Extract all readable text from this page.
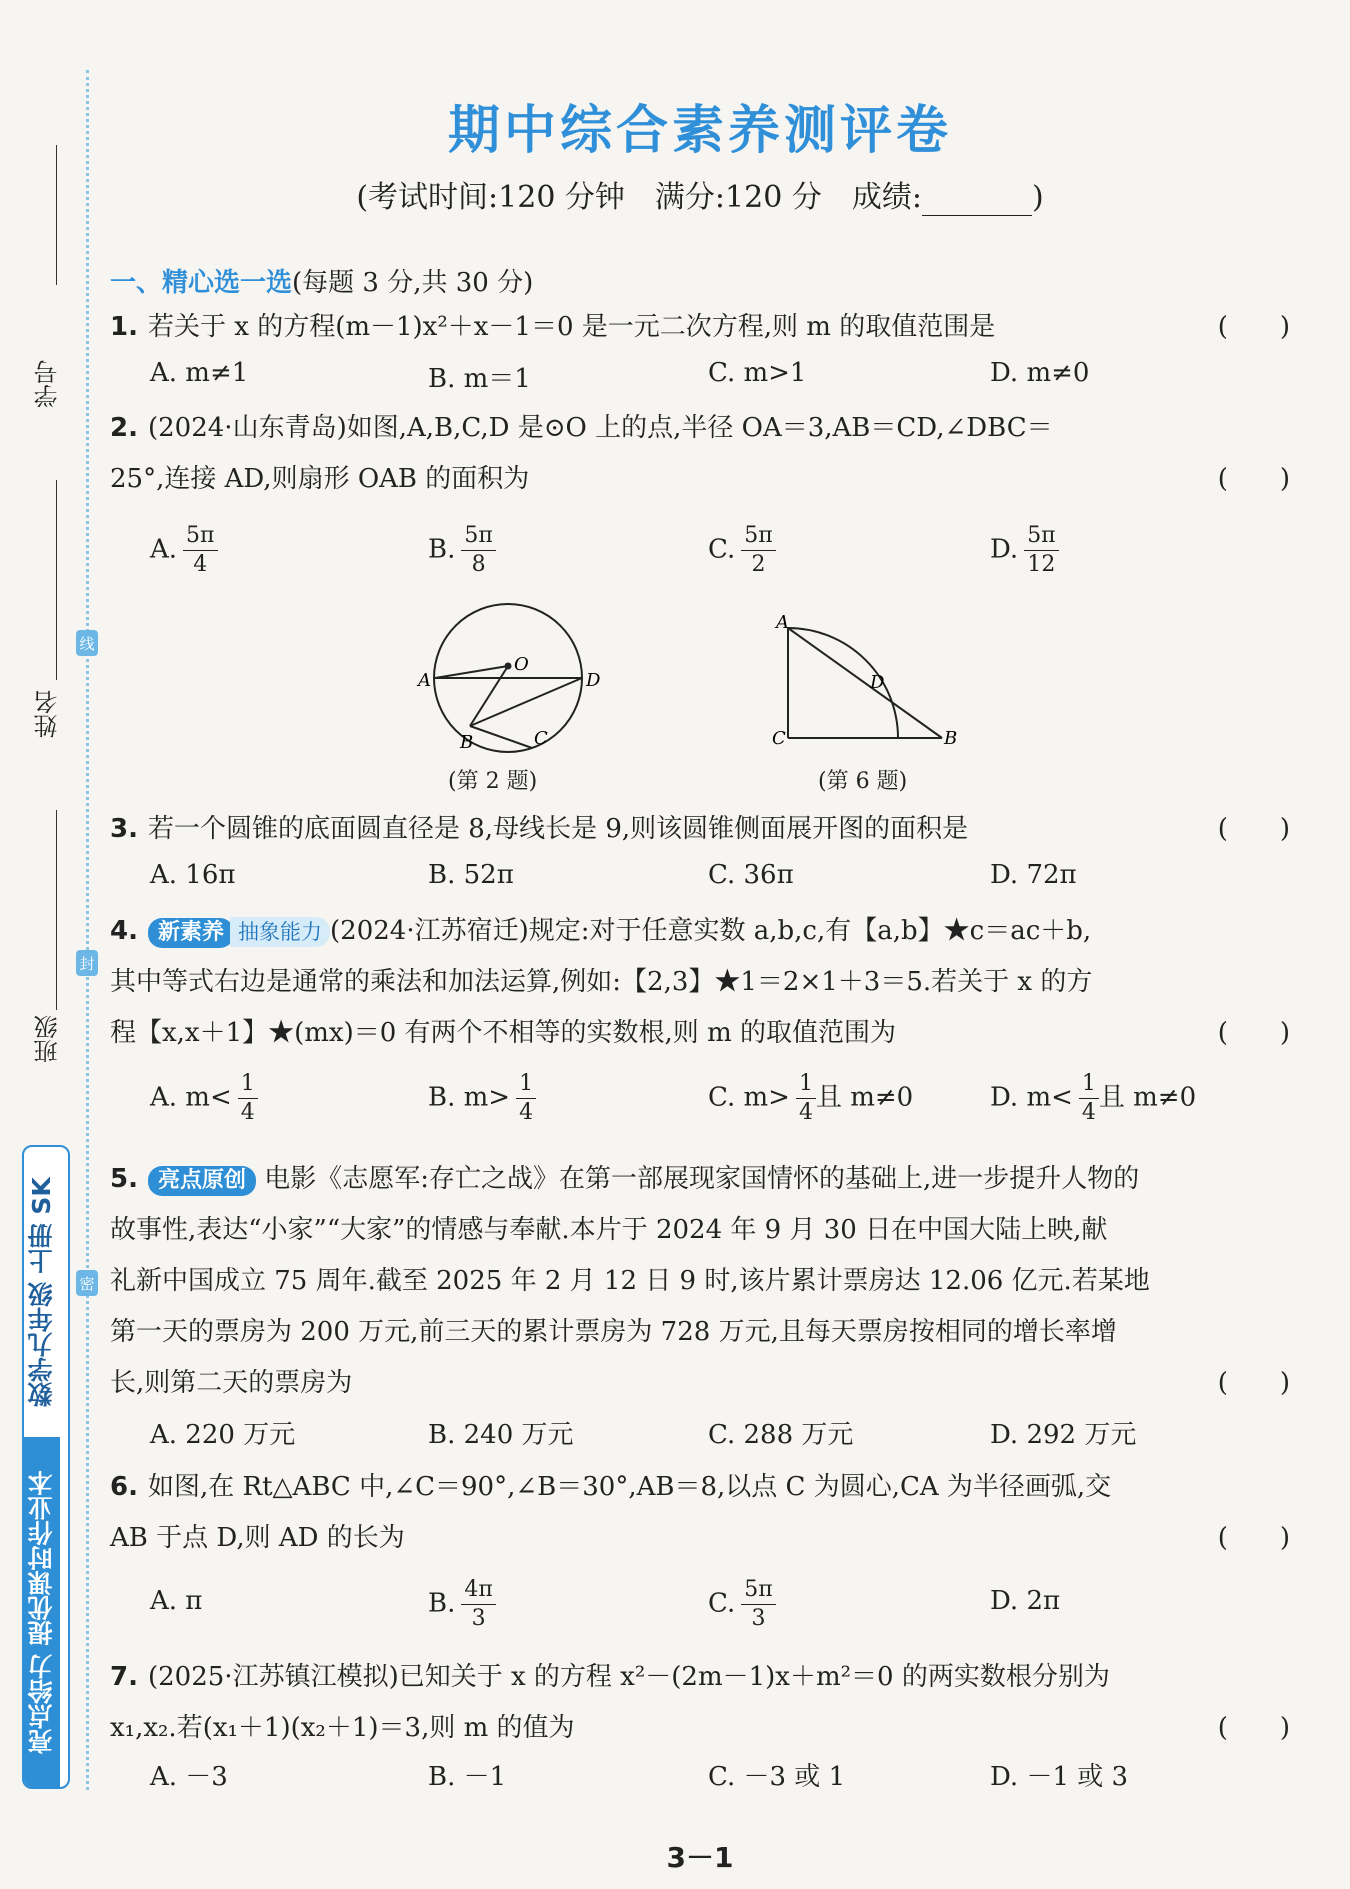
学号
姓名
班级
线
封
密
数学九年级 上册 SK
亮点给力 提优课时作业本
期中综合素养测评卷
(考试时间:120 分钟　满分:120 分　成绩:	)
一、精心选一选(每题 3 分,共 30 分)
1. 若关于 x 的方程(m－1)x²＋x－1＝0 是一元二次方程,则 m 的取值范围是	(　　)
A. m≠1	B. m＝1	C. m>1	D. m≠0
2. (2024·山东青岛)如图,A,B,C,D 是⊙O 上的点,半径 OA＝3,AB＝CD,∠DBC＝
25°,连接 AD,则扇形 OAB 的面积为	(　　)
A. $\frac{5\pi}{4}$	B. $\frac{5\pi}{8}$	C. $\frac{5\pi}{2}$	D. $\frac{5\pi}{12}$
O
A	D
B	C
(第 2 题)
A
D
C	B
(第 6 题)
3. 若一个圆锥的底面圆直径是 8,母线长是 9,则该圆锥侧面展开图的面积是	(　　)
A. 16π	B. 52π	C. 36π	D. 72π
4. 新素养 抽象能力 (2024·江苏宿迁)规定:对于任意实数 a,b,c,有【a,b】★c＝ac＋b,
其中等式右边是通常的乘法和加法运算,例如:【2,3】★1＝2×1＋3＝5.若关于 x 的方
程【x,x＋1】★(mx)＝0 有两个不相等的实数根,则 m 的取值范围为	(　　)
A. $m< \frac{1}{4}$	B. $m> \frac{1}{4}$	C. $m> \frac{1}{4}$ 且 m≠0	D. $m< \frac{1}{4}$ 且 m≠0
5. 亮点原创 电影《志愿军:存亡之战》在第一部展现家国情怀的基础上,进一步提升人物的
故事性,表达“小家”“大家”的情感与奉献.本片于 2024 年 9 月 30 日在中国大陆上映,献
礼新中国成立 75 周年.截至 2025 年 2 月 12 日 9 时,该片累计票房达 12.06 亿元.若某地
第一天的票房为 200 万元,前三天的累计票房为 728 万元,且每天票房按相同的增长率增
长,则第二天的票房为	(　　)
A. 220 万元	B. 240 万元	C. 288 万元	D. 292 万元
6. 如图,在 Rt△ABC 中,∠C＝90°,∠B＝30°,AB＝8,以点 C 为圆心,CA 为半径画弧,交
AB 于点 D,则 AD 的长为	(　　)
A. π	B. $\frac{4\pi}{3}$	C. $\frac{5\pi}{3}$	D. 2π
7. (2025·江苏镇江模拟)已知关于 x 的方程 x²－(2m－1)x＋m²＝0 的两实数根分别为
x₁,x₂.若(x₁＋1)(x₂＋1)＝3,则 m 的值为	(　　)
A. －3	B. －1	C. －3 或 1	D. －1 或 3
3－1
